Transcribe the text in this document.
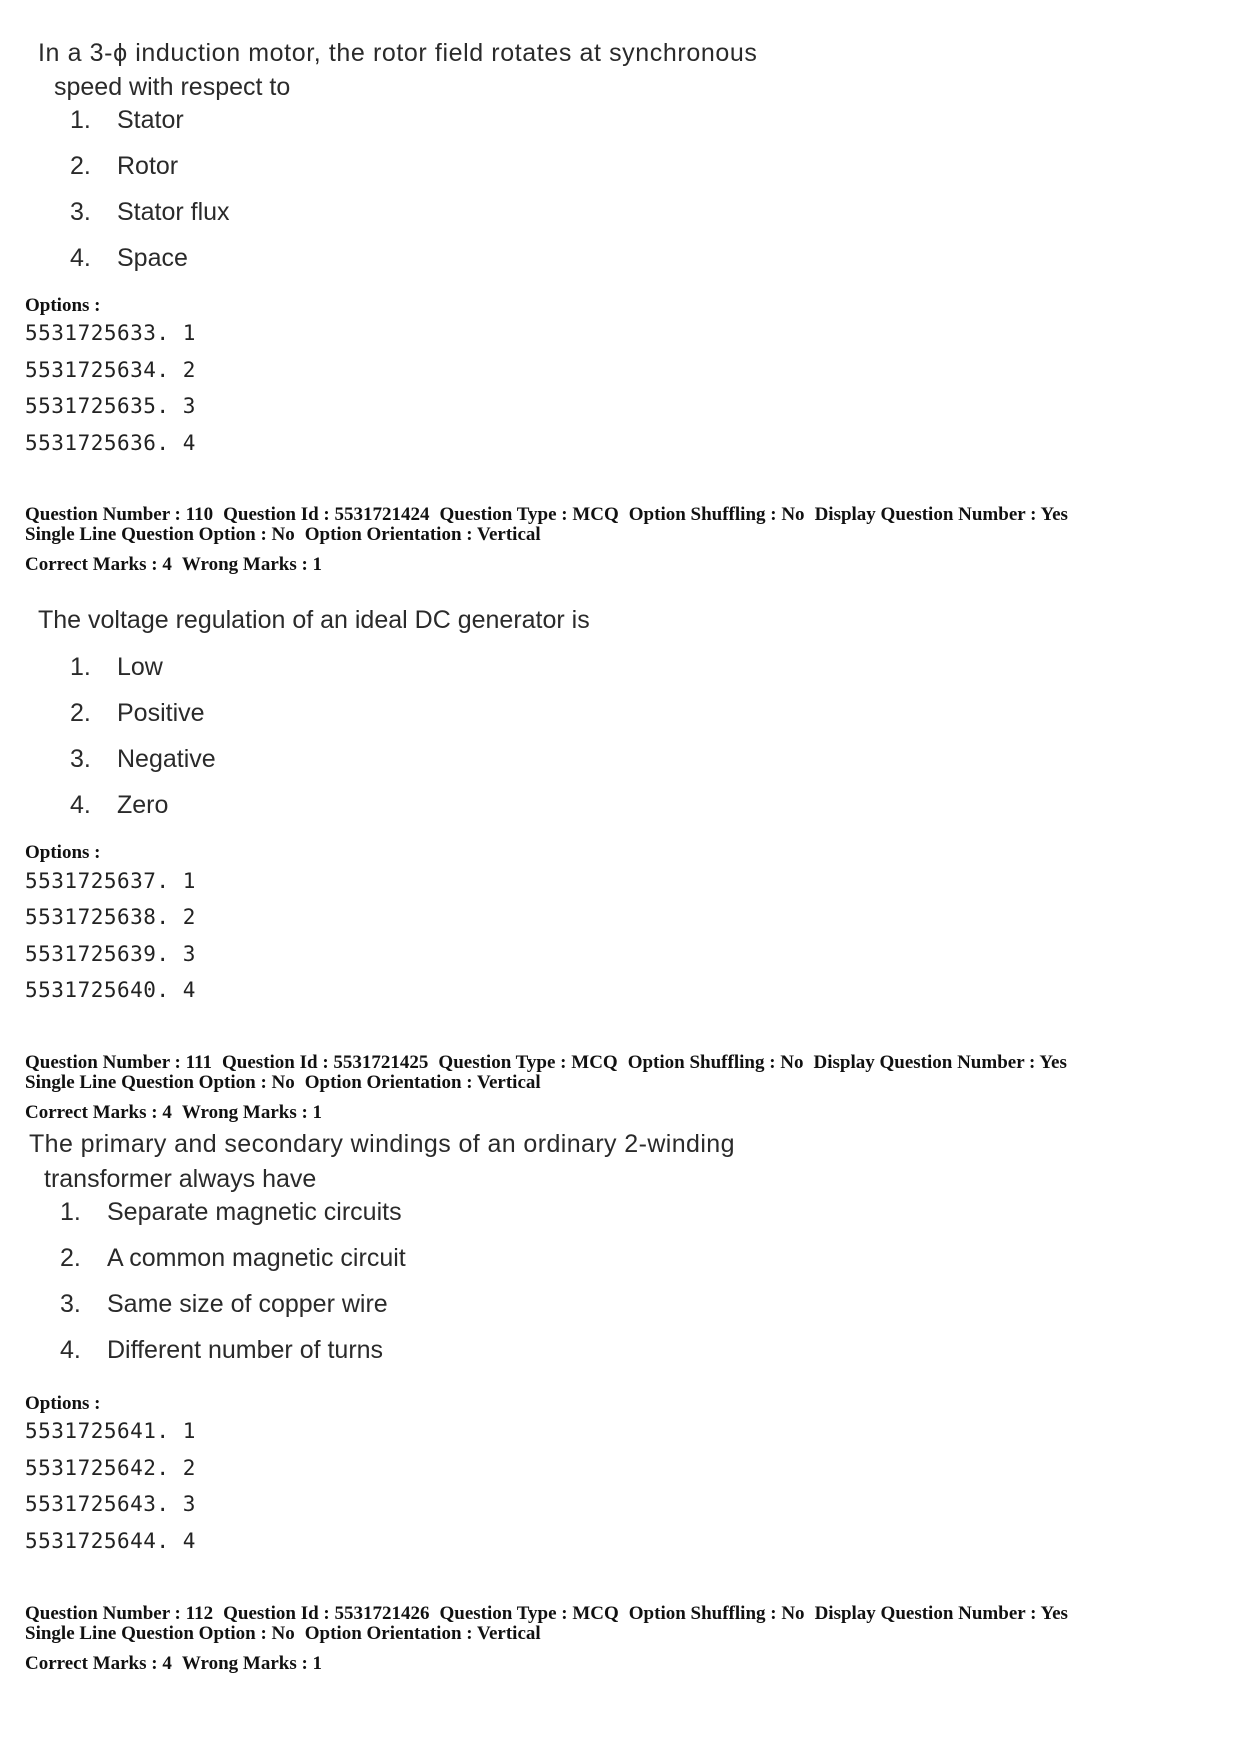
In a 3-ϕ induction motor, the rotor field rotates at synchronous
speed with respect to
1. Stator
2. Rotor
3. Stator flux
4. Space
Options :
5531725633. 1
5531725634. 2
5531725635. 3
5531725636. 4
Question Number : 110 Question Id : 5531721424 Question Type : MCQ Option Shuffling : No Display Question Number : Yes
Single Line Question Option : No Option Orientation : Vertical
Correct Marks : 4 Wrong Marks : 1
The voltage regulation of an ideal DC generator is
1. Low
2. Positive
3. Negative
4. Zero
Options :
5531725637. 1
5531725638. 2
5531725639. 3
5531725640. 4
Question Number : 111 Question Id : 5531721425 Question Type : MCQ Option Shuffling : No Display Question Number : Yes
Single Line Question Option : No Option Orientation : Vertical
Correct Marks : 4 Wrong Marks : 1
The primary and secondary windings of an ordinary 2-winding
transformer always have
1. Separate magnetic circuits
2. A common magnetic circuit
3. Same size of copper wire
4. Different number of turns
Options :
5531725641. 1
5531725642. 2
5531725643. 3
5531725644. 4
Question Number : 112 Question Id : 5531721426 Question Type : MCQ Option Shuffling : No Display Question Number : Yes
Single Line Question Option : No Option Orientation : Vertical
Correct Marks : 4 Wrong Marks : 1
